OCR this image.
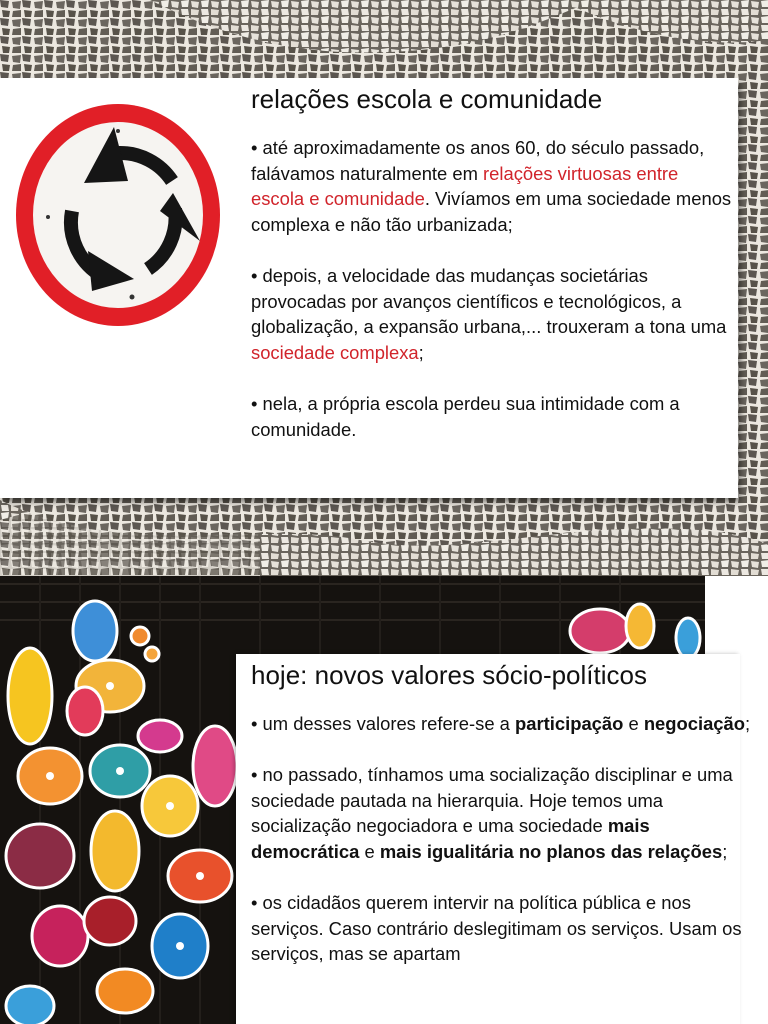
relações escola e comunidade
• até aproximadamente os anos 60, do século passado, falávamos naturalmente em relações virtuosas entre escola e comunidade. Vivíamos em uma sociedade menos complexa e não tão urbanizada;
• depois, a velocidade das mudanças societárias provocadas por avanços científicos e tecnológicos, a globalização, a expansão urbana,... trouxeram a tona uma sociedade complexa;
• nela, a própria escola perdeu sua intimidade com a comunidade.
hoje: novos valores sócio-políticos
• um desses valores refere-se a participação e negociação;
• no passado, tínhamos uma socialização disciplinar e uma sociedade pautada na hierarquia. Hoje temos uma socialização negociadora e uma sociedade mais democrática e mais igualitária no planos das relações;
• os cidadãos querem intervir na política pública e nos serviços. Caso contrário deslegitimam os serviços. Usam os serviços, mas se apartam
